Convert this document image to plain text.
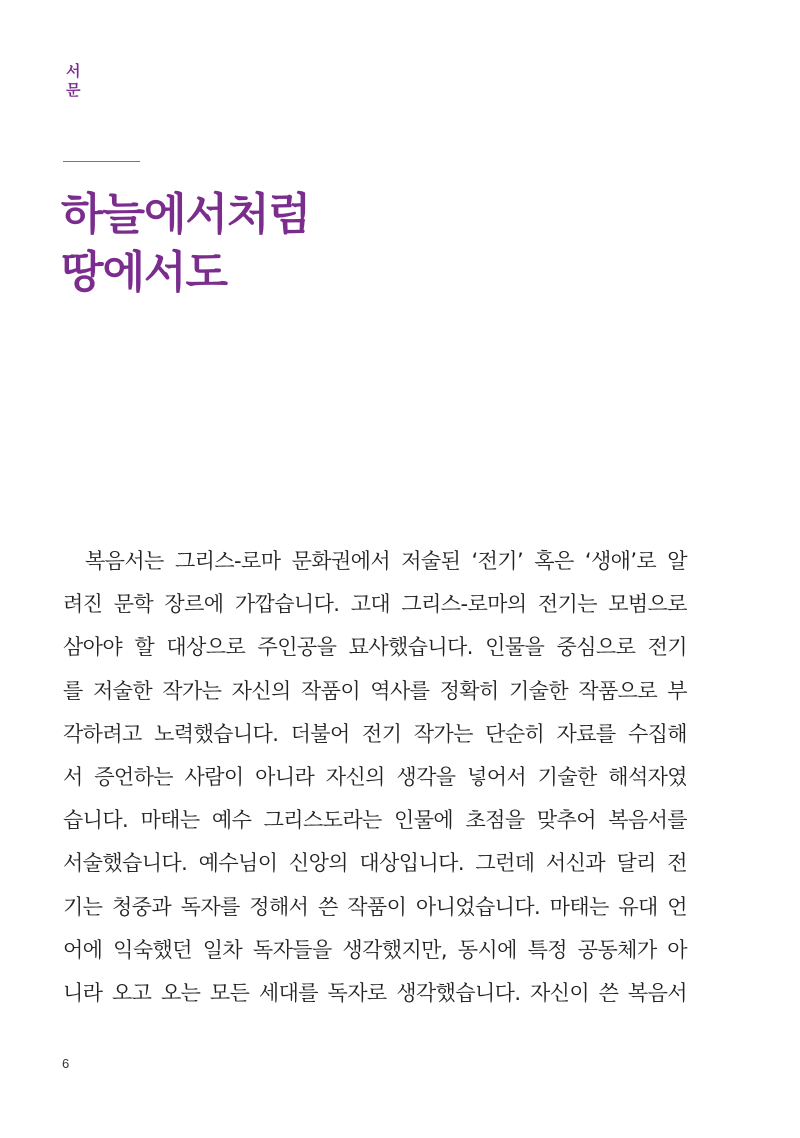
서문
하늘에서처럼
땅에서도
복음서는 그리스-로마 문화권에서 저술된 ‘전기’ 혹은 ‘생애’로 알
려진 문학 장르에 가깝습니다. 고대 그리스-로마의 전기는 모범으로
삼아야 할 대상으로 주인공을 묘사했습니다. 인물을 중심으로 전기
를 저술한 작가는 자신의 작품이 역사를 정확히 기술한 작품으로 부
각하려고 노력했습니다. 더불어 전기 작가는 단순히 자료를 수집해
서 증언하는 사람이 아니라 자신의 생각을 넣어서 기술한 해석자였
습니다. 마태는 예수 그리스도라는 인물에 초점을 맞추어 복음서를
서술했습니다. 예수님이 신앙의 대상입니다. 그런데 서신과 달리 전
기는 청중과 독자를 정해서 쓴 작품이 아니었습니다. 마태는 유대 언
어에 익숙했던 일차 독자들을 생각했지만, 동시에 특정 공동체가 아
니라 오고 오는 모든 세대를 독자로 생각했습니다. 자신이 쓴 복음서
6
